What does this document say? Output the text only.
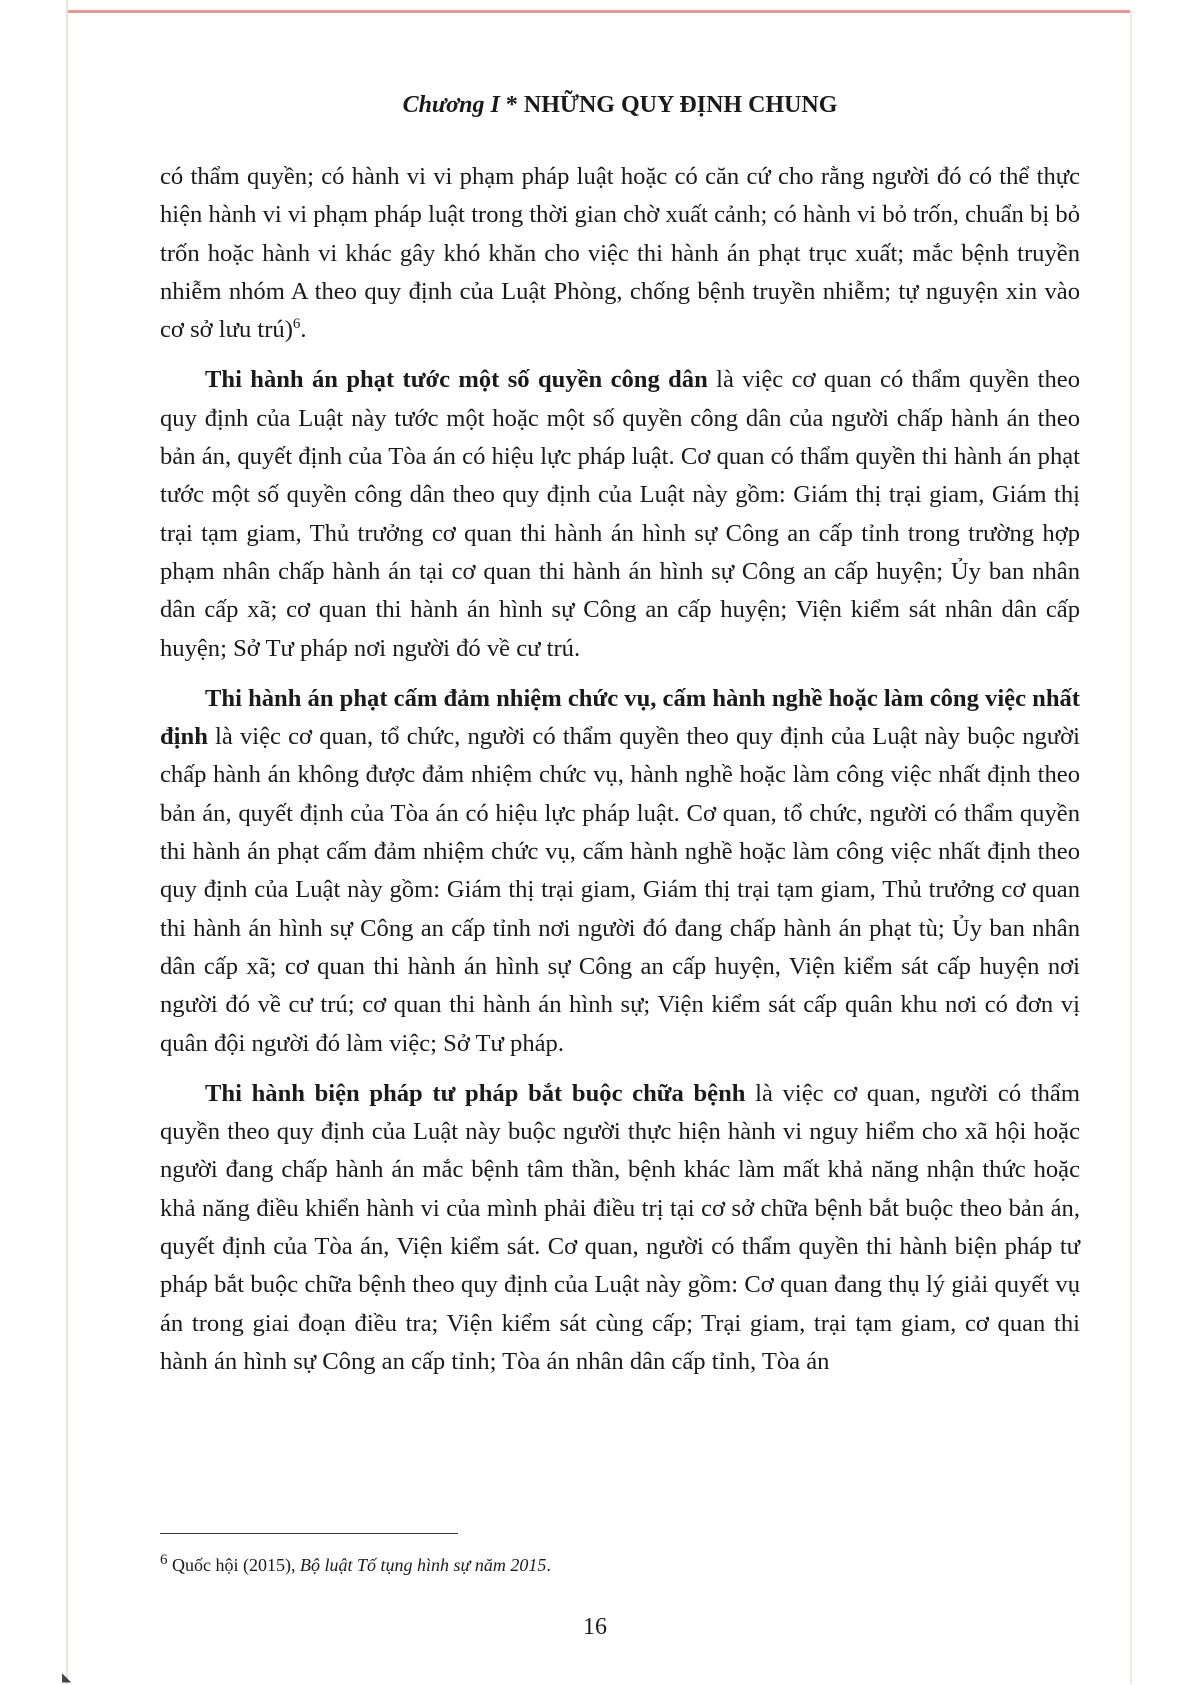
Chương I * NHỮNG QUY ĐỊNH CHUNG

có thẩm quyền; có hành vi vi phạm pháp luật hoặc có căn cứ cho rằng người đó có thể thực hiện hành vi vi phạm pháp luật trong thời gian chờ xuất cảnh; có hành vi bỏ trốn, chuẩn bị bỏ trốn hoặc hành vi khác gây khó khăn cho việc thi hành án phạt trục xuất; mắc bệnh truyền nhiễm nhóm A theo quy định của Luật Phòng, chống bệnh truyền nhiễm; tự nguyện xin vào cơ sở lưu trú)$^6$.

Thi hành án phạt tước một số quyền công dân là việc cơ quan có thẩm quyền theo quy định của Luật này tước một hoặc một số quyền công dân của người chấp hành án theo bản án, quyết định của Tòa án có hiệu lực pháp luật. Cơ quan có thẩm quyền thi hành án phạt tước một số quyền công dân theo quy định của Luật này gồm: Giám thị trại giam, Giám thị trại tạm giam, Thủ trưởng cơ quan thi hành án hình sự Công an cấp tỉnh trong trường hợp phạm nhân chấp hành án tại cơ quan thi hành án hình sự Công an cấp huyện; Ủy ban nhân dân cấp xã; cơ quan thi hành án hình sự Công an cấp huyện; Viện kiểm sát nhân dân cấp huyện; Sở Tư pháp nơi người đó về cư trú.

Thi hành án phạt cấm đảm nhiệm chức vụ, cấm hành nghề hoặc làm công việc nhất định là việc cơ quan, tổ chức, người có thẩm quyền theo quy định của Luật này buộc người chấp hành án không được đảm nhiệm chức vụ, hành nghề hoặc làm công việc nhất định theo bản án, quyết định của Tòa án có hiệu lực pháp luật. Cơ quan, tổ chức, người có thẩm quyền thi hành án phạt cấm đảm nhiệm chức vụ, cấm hành nghề hoặc làm công việc nhất định theo quy định của Luật này gồm: Giám thị trại giam, Giám thị trại tạm giam, Thủ trưởng cơ quan thi hành án hình sự Công an cấp tỉnh nơi người đó đang chấp hành án phạt tù; Ủy ban nhân dân cấp xã; cơ quan thi hành án hình sự Công an cấp huyện, Viện kiểm sát cấp huyện nơi người đó về cư trú; cơ quan thi hành án hình sự; Viện kiểm sát cấp quân khu nơi có đơn vị quân đội người đó làm việc; Sở Tư pháp.

Thi hành biện pháp tư pháp bắt buộc chữa bệnh là việc cơ quan, người có thẩm quyền theo quy định của Luật này buộc người thực hiện hành vi nguy hiểm cho xã hội hoặc người đang chấp hành án mắc bệnh tâm thần, bệnh khác làm mất khả năng nhận thức hoặc khả năng điều khiển hành vi của mình phải điều trị tại cơ sở chữa bệnh bắt buộc theo bản án, quyết định của Tòa án, Viện kiểm sát. Cơ quan, người có thẩm quyền thi hành biện pháp tư pháp bắt buộc chữa bệnh theo quy định của Luật này gồm: Cơ quan đang thụ lý giải quyết vụ án trong giai đoạn điều tra; Viện kiểm sát cùng cấp; Trại giam, trại tạm giam, cơ quan thi hành án hình sự Công an cấp tỉnh; Tòa án nhân dân cấp tỉnh, Tòa án

$^6$ Quốc hội (2015), Bộ luật Tố tụng hình sự năm 2015.
16
◣
